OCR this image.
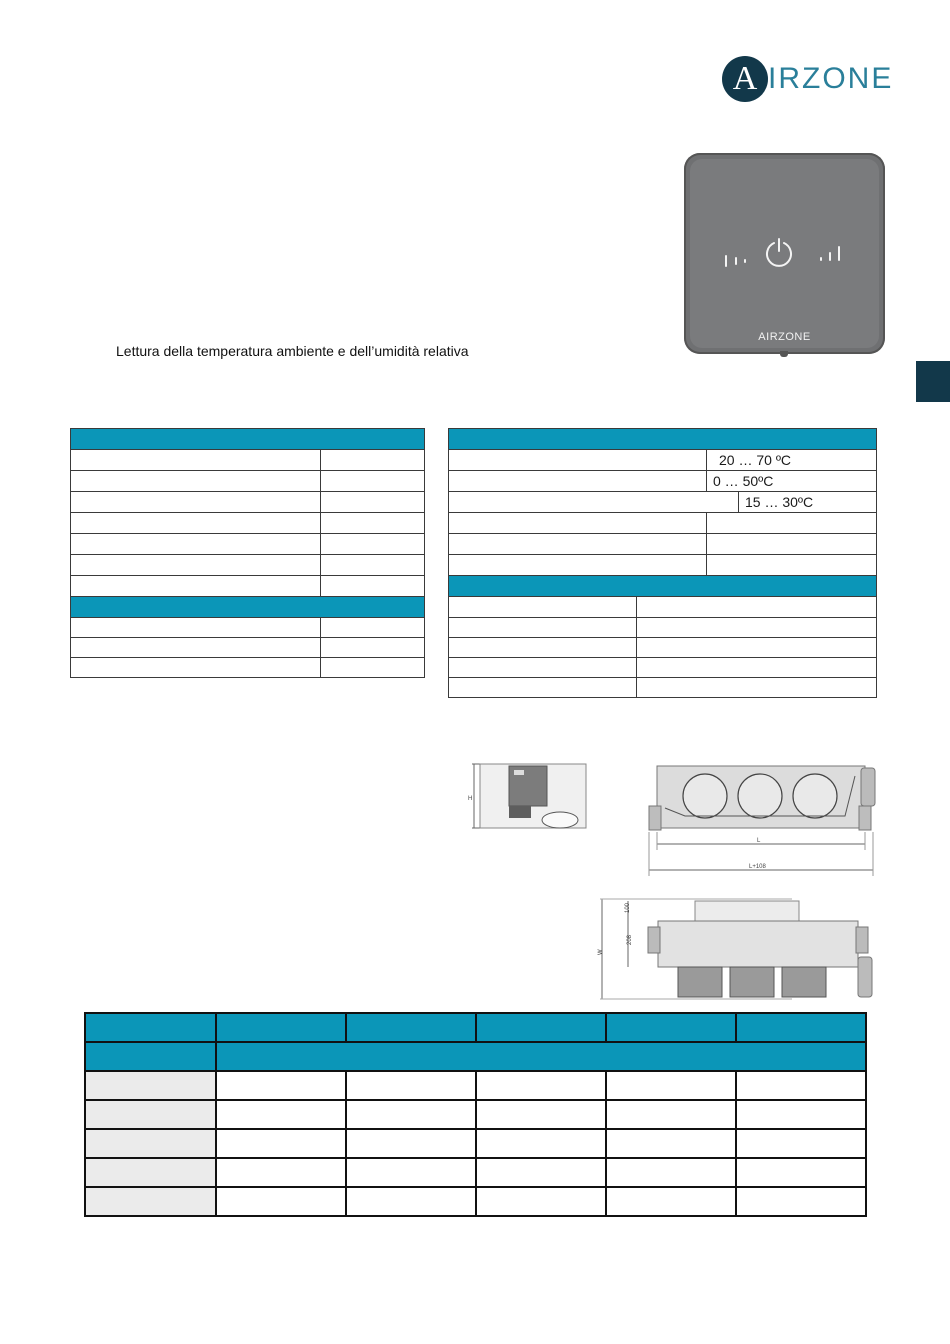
A IRZONE
AIRZONE
Lettura della temperatura ambiente e dell’umidità relativa

	20 … 70 ºC	
	0 … 50ºC	
		15 … 30ºC

H
L
L+108
W
100
208
